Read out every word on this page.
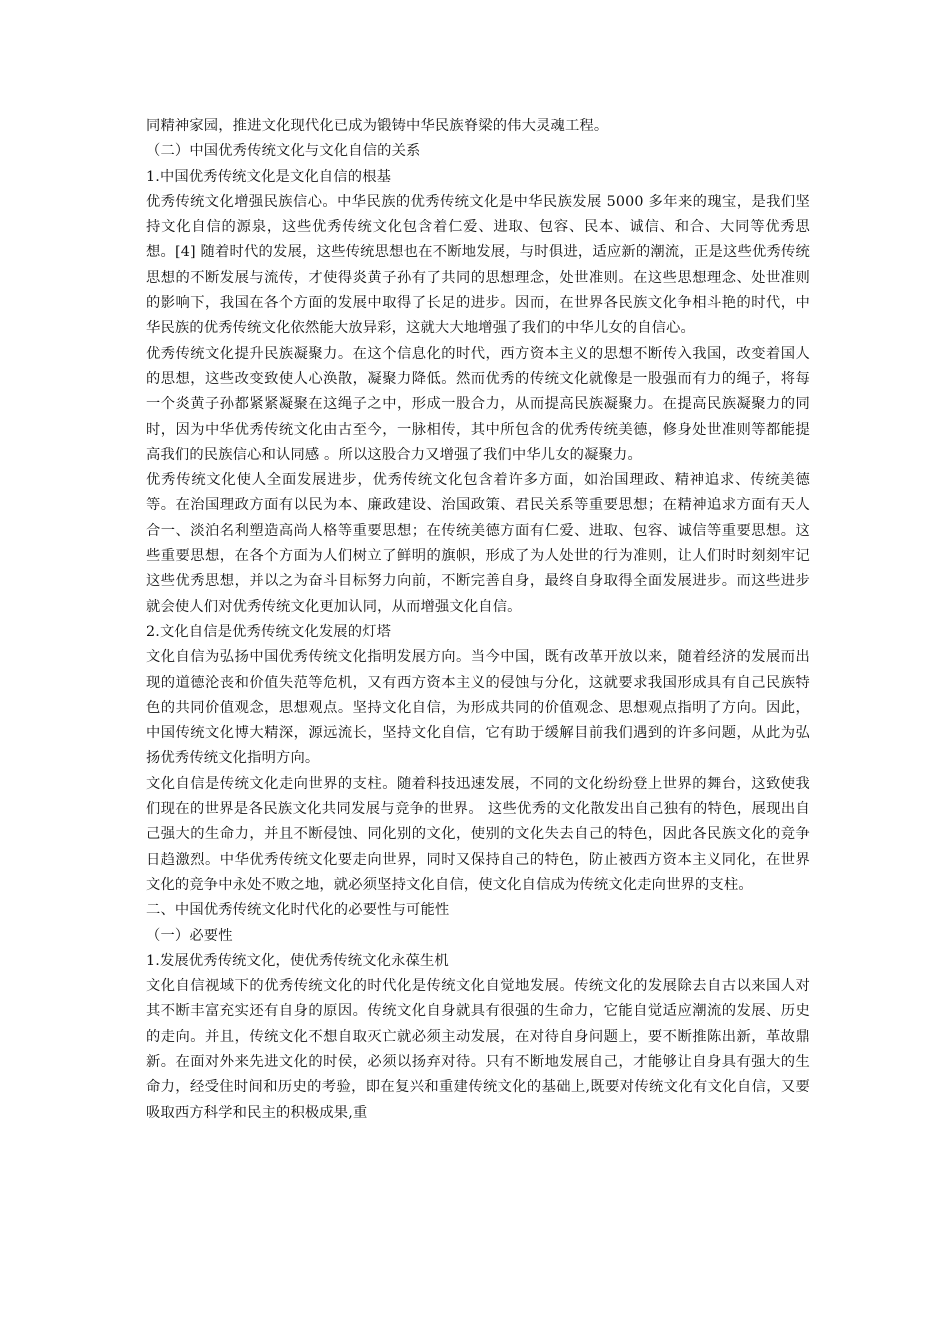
同精神家园，推进文化现代化已成为锻铸中华民族脊梁的伟大灵魂工程。

（二）中国优秀传统文化与文化自信的关系

1.中国优秀传统文化是文化自信的根基

优秀传统文化增强民族信心。中华民族的优秀传统文化是中华民族发展 5000 多年来的瑰宝，是我们坚持文化自信的源泉，这些优秀传统文化包含着仁爱、进取、包容、民本、诚信、和合、大同等优秀思想。[4] 随着时代的发展，这些传统思想也在不断地发展，与时俱进，适应新的潮流，正是这些优秀传统思想的不断发展与流传，才使得炎黄子孙有了共同的思想理念，处世准则。在这些思想理念、处世准则的影响下，我国在各个方面的发展中取得了长足的进步。因而，在世界各民族文化争相斗艳的时代，中华民族的优秀传统文化依然能大放异彩，这就大大地增强了我们的中华儿女的自信心。

优秀传统文化提升民族凝聚力。在这个信息化的时代，西方资本主义的思想不断传入我国，改变着国人的思想，这些改变致使人心涣散，凝聚力降低。然而优秀的传统文化就像是一股强而有力的绳子，将每一个炎黄子孙都紧紧凝聚在这绳子之中，形成一股合力，从而提高民族凝聚力。在提高民族凝聚力的同时，因为中华优秀传统文化由古至今，一脉相传，其中所包含的优秀传统美德，修身处世准则等都能提高我们的民族信心和认同感 。所以这股合力又增强了我们中华儿女的凝聚力。

优秀传统文化使人全面发展进步，优秀传统文化包含着许多方面，如治国理政、精神追求、传统美德等。在治国理政方面有以民为本、廉政建设、治国政策、君民关系等重要思想；在精神追求方面有天人合一、淡泊名利塑造高尚人格等重要思想；在传统美德方面有仁爱、进取、包容、诚信等重要思想。这些重要思想，在各个方面为人们树立了鲜明的旗帜，形成了为人处世的行为准则，让人们时时刻刻牢记这些优秀思想，并以之为奋斗目标努力向前，不断完善自身，最终自身取得全面发展进步。而这些进步就会使人们对优秀传统文化更加认同，从而增强文化自信。

2.文化自信是优秀传统文化发展的灯塔

文化自信为弘扬中国优秀传统文化指明发展方向。当今中国，既有改革开放以来，随着经济的发展而出现的道德沦丧和价值失范等危机，又有西方资本主义的侵蚀与分化，这就要求我国形成具有自己民族特色的共同价值观念，思想观点。坚持文化自信，为形成共同的价值观念、思想观点指明了方向。因此，中国传统文化博大精深，源远流长，坚持文化自信，它有助于缓解目前我们遇到的许多问题，从此为弘扬优秀传统文化指明方向。

文化自信是传统文化走向世界的支柱。随着科技迅速发展，不同的文化纷纷登上世界的舞台，这致使我们现在的世界是各民族文化共同发展与竞争的世界。 这些优秀的文化散发出自己独有的特色，展现出自己强大的生命力，并且不断侵蚀、同化别的文化，使别的文化失去自己的特色，因此各民族文化的竞争日趋激烈。中华优秀传统文化要走向世界，同时又保持自己的特色，防止被西方资本主义同化，在世界文化的竞争中永处不败之地，就必须坚持文化自信，使文化自信成为传统文化走向世界的支柱。

二、中国优秀传统文化时代化的必要性与可能性

（一）必要性

1.发展优秀传统文化，使优秀传统文化永葆生机

文化自信视域下的优秀传统文化的时代化是传统文化自觉地发展。传统文化的发展除去自古以来国人对其不断丰富充实还有自身的原因。传统文化自身就具有很强的生命力，它能自觉适应潮流的发展、历史的走向。并且，传统文化不想自取灭亡就必须主动发展，在对待自身问题上，要不断推陈出新，革故鼎新。在面对外来先进文化的时侯，必须以扬弃对待。只有不断地发展自己，才能够让自身具有强大的生命力，经受住时间和历史的考验，即在复兴和重建传统文化的基础上,既要对传统文化有文化自信，又要吸取西方科学和民主的积极成果,重
